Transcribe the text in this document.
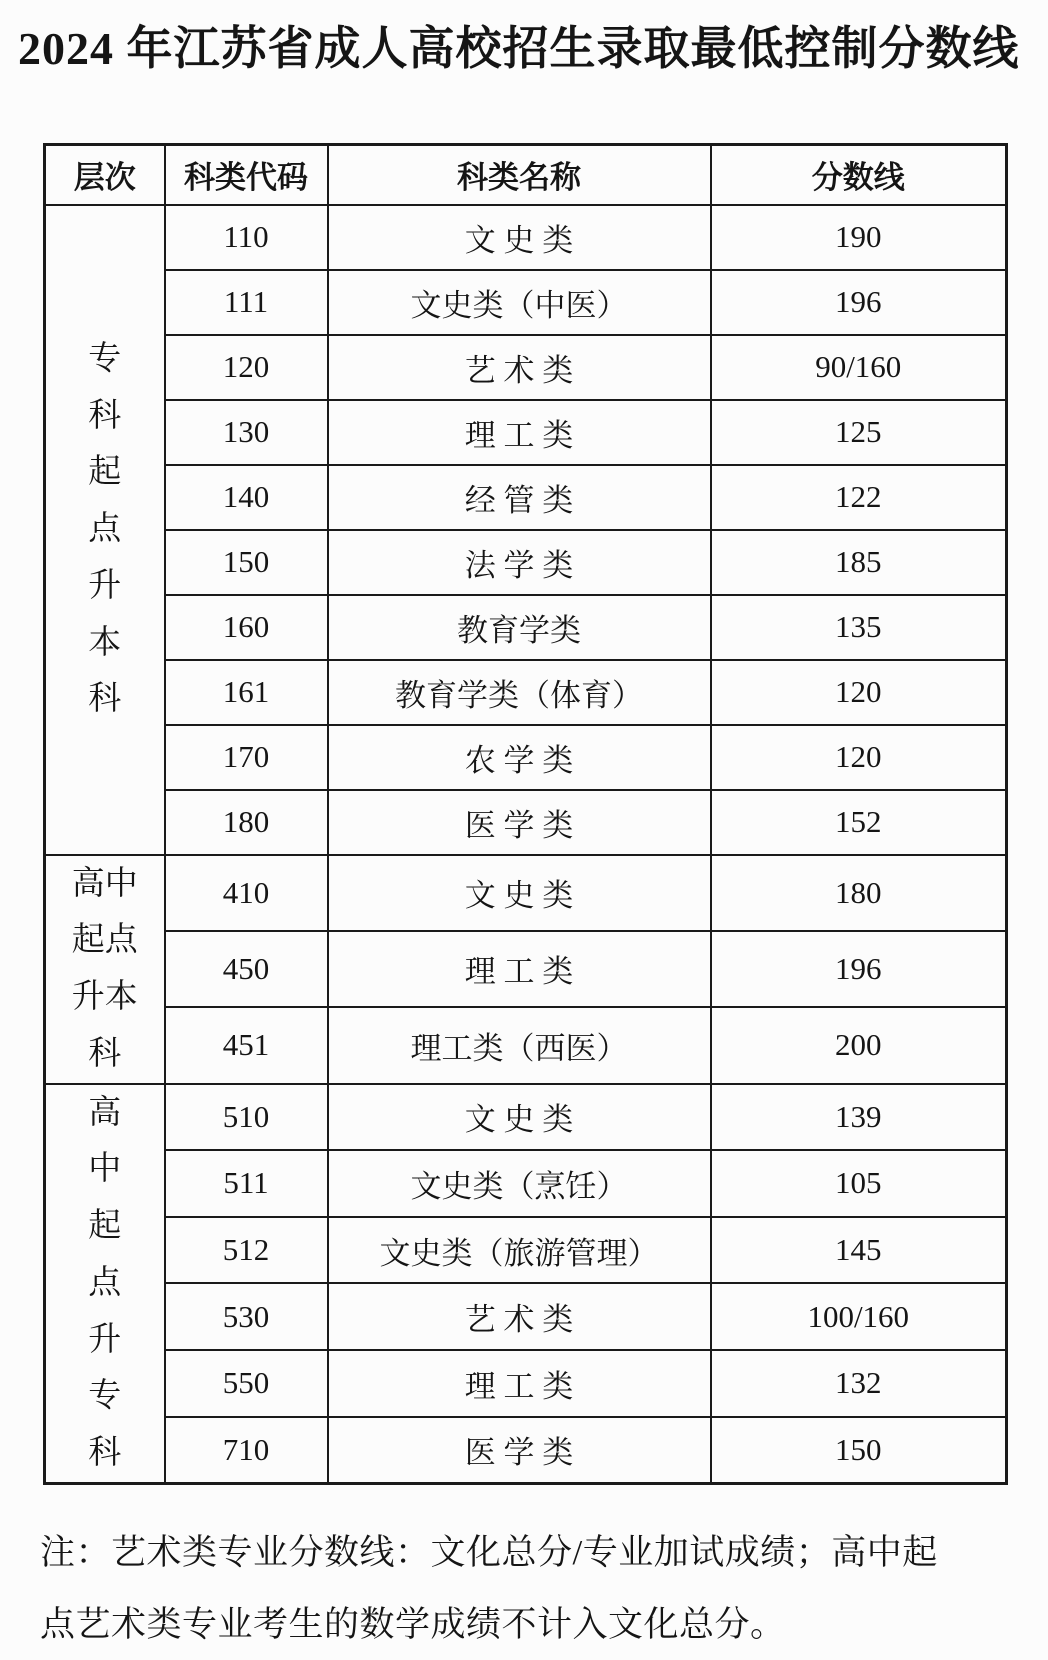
2024 年江苏省成人高校招生录取最低控制分数线
层次	科类代码	科类名称	分数线
专科起点升本科	110	文 史 类	190
	111	文史类（中医）	196
	120	艺 术 类	90/160
	130	理 工 类	125
	140	经 管 类	122
	150	法 学 类	185
	160	教育学类	135
	161	教育学类（体育）	120
	170	农 学 类	120
	180	医 学 类	152
高中起点升本科	410	文 史 类	180
	450	理 工 类	196
	451	理工类（西医）	200
高中起点升专科	510	文 史 类	139
	511	文史类（烹饪）	105
	512	文史类（旅游管理）	145
	530	艺 术 类	100/160
	550	理 工 类	132
	710	医 学 类	150

注：艺术类专业分数线：文化总分/专业加试成绩；高中起
点艺术类专业考生的数学成绩不计入文化总分。
